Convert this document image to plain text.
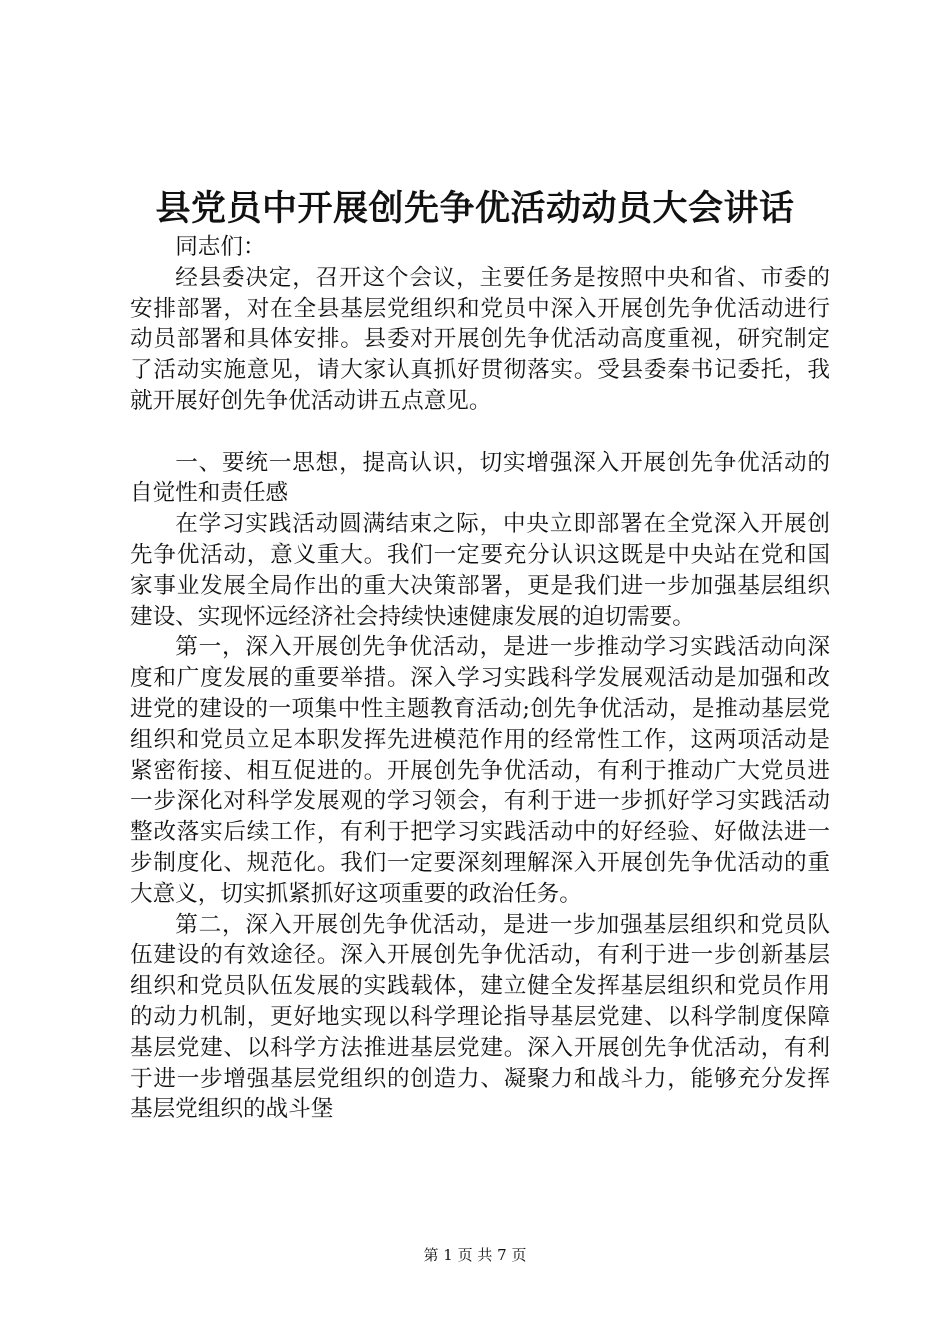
县党员中开展创先争优活动动员大会讲话

同志们：

经县委决定，召开这个会议，主要任务是按照中央和省、市委的安排部署，对在全县基层党组织和党员中深入开展创先争优活动进行动员部署和具体安排。县委对开展创先争优活动高度重视，研究制定了活动实施意见，请大家认真抓好贯彻落实。受县委秦书记委托，我就开展好创先争优活动讲五点意见。

一、要统一思想，提高认识，切实增强深入开展创先争优活动的自觉性和责任感

在学习实践活动圆满结束之际，中央立即部署在全党深入开展创先争优活动，意义重大。我们一定要充分认识这既是中央站在党和国家事业发展全局作出的重大决策部署，更是我们进一步加强基层组织建设、实现怀远经济社会持续快速健康发展的迫切需要。

第一，深入开展创先争优活动，是进一步推动学习实践活动向深度和广度发展的重要举措。深入学习实践科学发展观活动是加强和改进党的建设的一项集中性主题教育活动;创先争优活动，是推动基层党组织和党员立足本职发挥先进模范作用的经常性工作，这两项活动是紧密衔接、相互促进的。开展创先争优活动，有利于推动广大党员进一步深化对科学发展观的学习领会，有利于进一步抓好学习实践活动整改落实后续工作，有利于把学习实践活动中的好经验、好做法进一步制度化、规范化。我们一定要深刻理解深入开展创先争优活动的重大意义，切实抓紧抓好这项重要的政治任务。

第二，深入开展创先争优活动，是进一步加强基层组织和党员队伍建设的有效途径。深入开展创先争优活动，有利于进一步创新基层组织和党员队伍发展的实践载体，建立健全发挥基层组织和党员作用的动力机制，更好地实现以科学理论指导基层党建、以科学制度保障基层党建、以科学方法推进基层党建。深入开展创先争优活动，有利于进一步增强基层党组织的创造力、凝聚力和战斗力，能够充分发挥基层党组织的战斗堡

第 1 页 共 7 页
